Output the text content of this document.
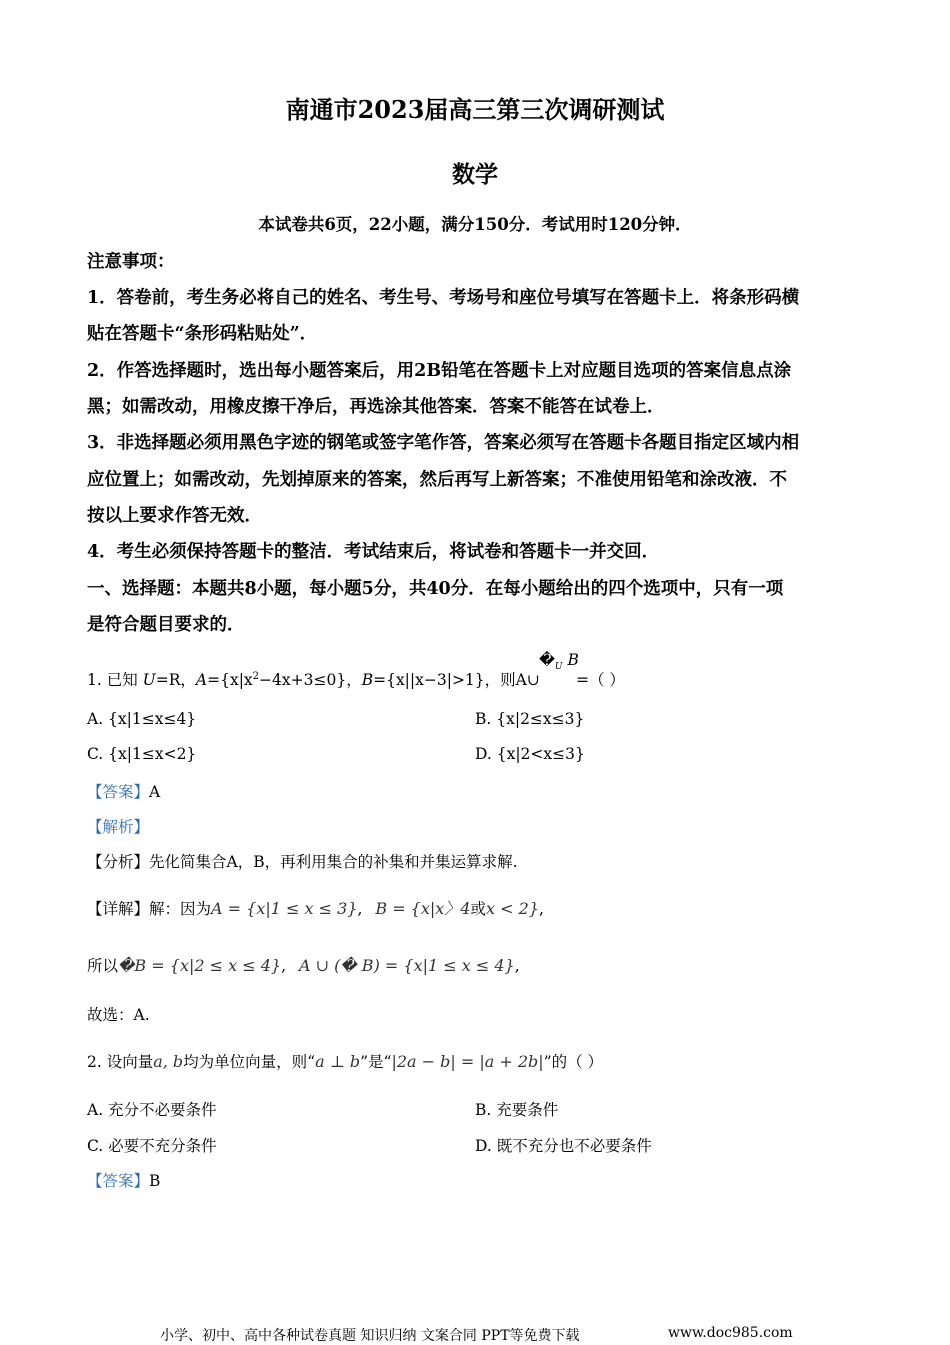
南通市2023届高三第三次调研测试
数学
本试卷共6页，22小题，满分150分．考试用时120分钟．
注意事项：
1．答卷前，考生务必将自己的姓名、考生号、考场号和座位号填写在答题卡上．将条形码横
贴在答题卡“条形码粘贴处”．
2．作答选择题时，选出每小题答案后，用2B铅笔在答题卡上对应题目选项的答案信息点涂
黑；如需改动，用橡皮擦干净后，再选涂其他答案．答案不能答在试卷上．
3．非选择题必须用黑色字迹的钢笔或签字笔作答，答案必须写在答题卡各题目指定区域内相
应位置上；如需改动，先划掉原来的答案，然后再写上新答案；不准使用铅笔和涂改液．不
按以上要求作答无效．
4．考生必须保持答题卡的整洁．考试结束后，将试卷和答题卡一并交回．
一、选择题：本题共8小题，每小题5分，共40分．在每小题给出的四个选项中，只有一项
是符合题目要求的．
1. 已知 U=R，$A=\{x|x^2-4x+3\le 0\}$，B={x||x−3|>1}，则A∪
$�_U$ B
=（ ）
A. {x|1≤x≤4}	B. {x|2≤x≤3}
C. {x|1≤x<2}	D. {x|2<x≤3}
【答案】A
【解析】
【分析】先化简集合A，B，再利用集合的补集和并集运算求解.
【详解】解：因为A = {x|1 ≤ x ≤ 3}, B = {x|x〉4或x < 2},
所以�B = {x|2 ≤ x ≤ 4}, A ∪ (� B) = {x|1 ≤ x ≤ 4},
故选：A.
2. 设向量a, b均为单位向量，则“a ⊥ b”是“|2a − b| = |a + 2b|”的（ ）
A. 充分不必要条件	B. 充要条件
C. 必要不充分条件	D. 既不充分也不必要条件
【答案】B
小学、初中、高中各种试卷真题 知识归纳 文案合同 PPT等免费下载	www.doc985.com
